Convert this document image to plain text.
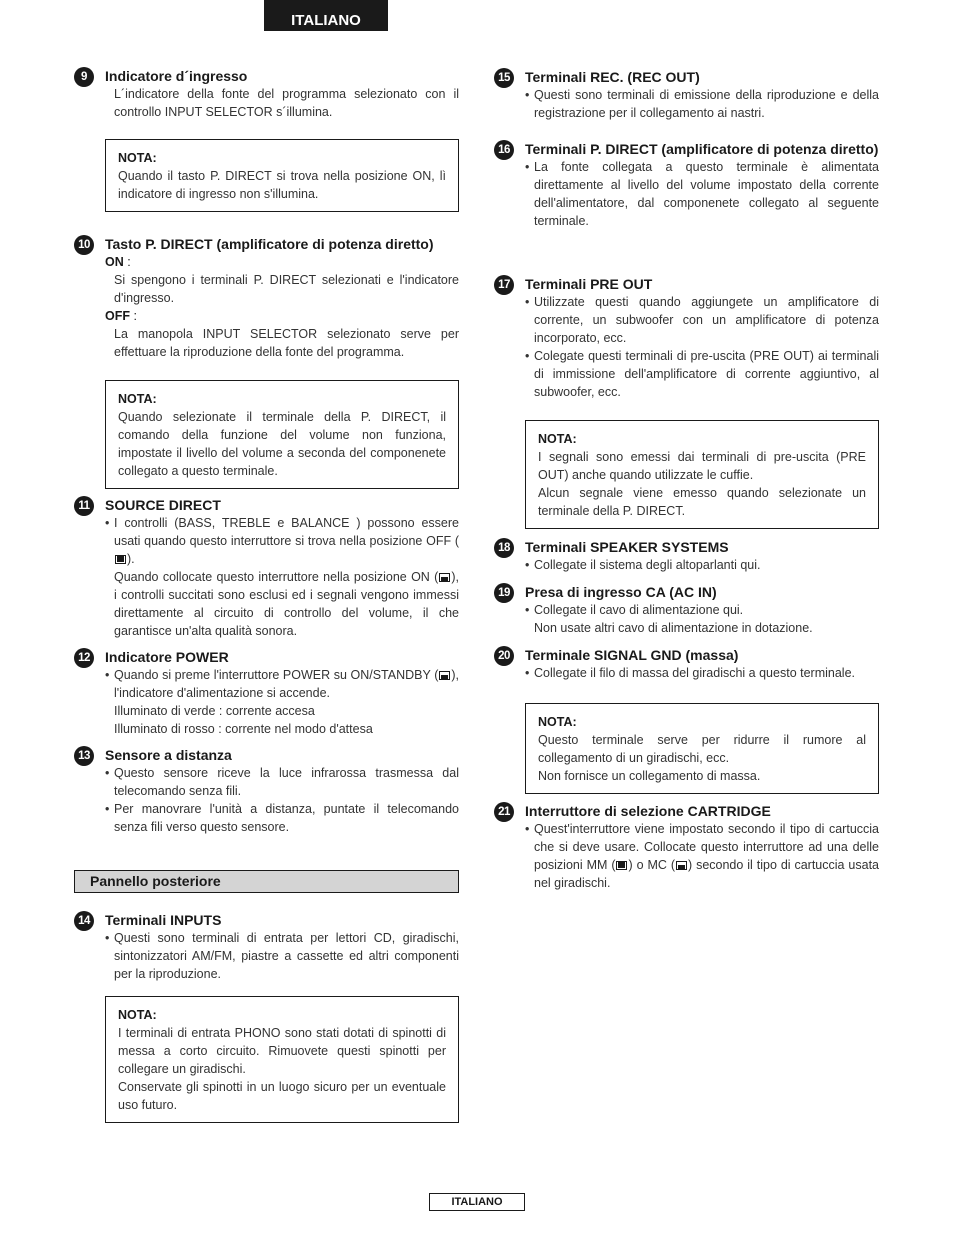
ITALIANO
9	Indicatore d´ingresso
L´indicatore della fonte del programma selezionato con il controllo INPUT SELECTOR s´illumina.
NOTA:

Quando il tasto P. DIRECT si trova nella posizione ON, lì indicatore di ingresso non s'illumina.

10 Tasto P. DIRECT (amplificatore di potenza diretto)
ON :
Si spengono i terminali P. DIRECT selezionati e l'indicatore d'ingresso.
OFF :
La manopola INPUT SELECTOR selezionato serve per effettuare la riproduzione della fonte del programma.
NOTA:

Quando selezionate il terminale della P. DIRECT, il comando della funzione del volume non funziona, impostate il livello del volume a seconda del componenete collegato a questo terminale.

11	SOURCE DIRECT
• I controlli (BASS, TREBLE e BALANCE ) possono essere usati quando questo interruttore si trova nella posizione OFF ().
Quando collocate questo interruttore nella posizione ON ( ), i controlli succitati sono esclusi ed i segnali vengono immessi direttamente al circuito di controllo del volume, il che garantisce un'alta qualità sonora.
12 Indicatore POWER
• Quando si preme l'interruttore POWER su ON/STANDBY ( ), l'indicatore d'alimentazione si accende.
Illuminato di verde : corrente accesa
Illuminato di rosso : corrente nel modo d'attesa
13 Sensore a distanza
• Questo sensore riceve la luce infrarossa trasmessa dal telecomando senza fili.
• Per manovrare l'unità a distanza, puntate il telecomando senza fili verso questo sensore.
14 Terminali INPUTS
• Questi sono terminali di entrata per lettori CD, giradischi, sintonizzatori AM/FM, piastre a cassette ed altri componenti per la riproduzione.
NOTA:

I terminali di entrata PHONO sono stati dotati di spinotti di messa a corto circuito. Rimuovete questi spinotti per collegare un giradischi.

Conservate gli spinotti in un luogo sicuro per un eventuale uso futuro.

Pannello posteriore
15 Terminali REC. (REC OUT)
• Questi sono terminali di emissione della riproduzione e della registrazione per il collegamento ai nastri.
16 Terminali P. DIRECT (amplificatore di potenza diretto)
• La fonte collegata a questo terminale è alimentata direttamente al livello del volume impostato della corrente dell'alimentatore, dal componenete collegato al seguente terminale.
17 Terminali PRE OUT
• Utilizzate questi quando aggiungete un amplificatore di corrente, un subwoofer con un amplificatore di potenza incorporato, ecc.
• Colegate questi terminali di pre-uscita (PRE OUT) ai terminali di immissione dell'amplificatore di corrente aggiuntivo, al subwoofer, ecc.
NOTA:

I segnali sono emessi dai terminali di pre-uscita (PRE OUT) anche quando utilizzate le cuffie.

Alcun segnale viene emesso quando selezionate un terminale della P. DIRECT.

18 Terminali SPEAKER SYSTEMS
• Collegate il sistema degli altoparlanti qui.
19 Presa di ingresso CA (AC IN)
• Collegate il cavo di alimentazione qui.
Non usate altri cavo di alimentazione in dotazione.
20 Terminale SIGNAL GND (massa)
• Collegate il filo di massa del giradischi a questo terminale.
NOTA:

Questo terminale serve per ridurre il rumore al collegamento di un giradischi, ecc.

Non fornisce un collegamento di massa.

21 Interruttore di selezione CARTRIDGE
• Quest'interruttore viene impostato secondo il tipo di cartuccia che si deve usare. Collocate questo interruttore ad una delle posizioni MM ( ) o MC ( ) secondo il tipo di cartuccia usata nel giradischi.
ITALIANO
